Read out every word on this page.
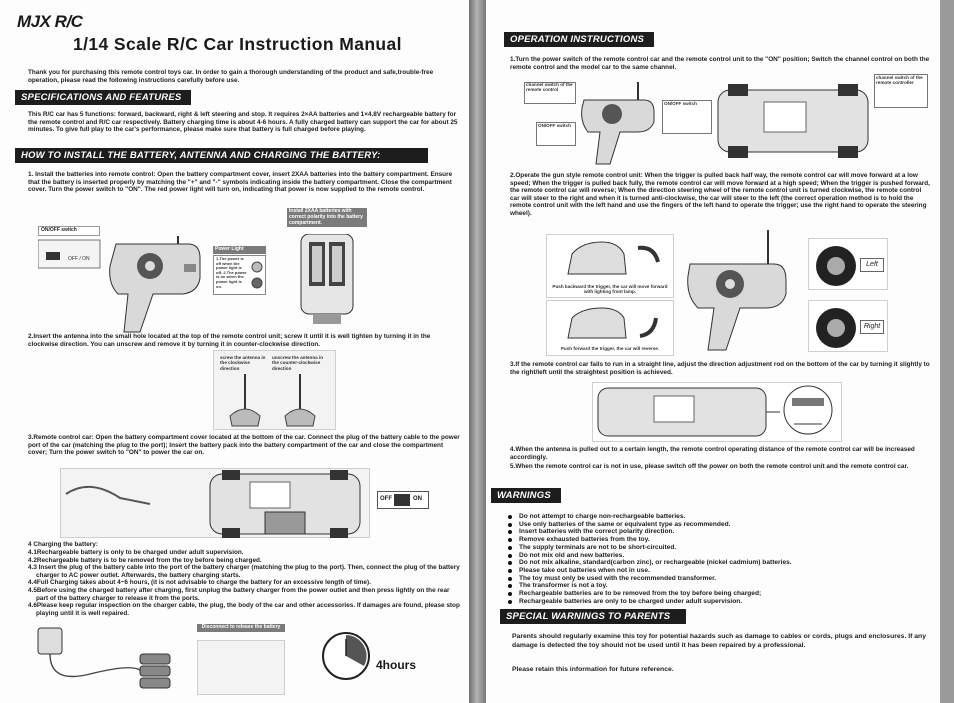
MJX R/C
1/14 Scale R/C Car Instruction Manual
Thank you for purchasing this remote control toys car. In order to gain a thorough understanding of the product and safe,trouble-free operation, please read the following instructions carefully before use.
SPECIFICATIONS AND FEATURES
This R/C car has 5 functions: forward, backward, right & left steering and stop. It requires 2×AA batteries and 1×4.8V rechargeable battery for the remote control and R/C car respectively. Battery charging time is about 4-6 hours. A fully charged battery can support the car for about 25 minutes. To give full play to the car's performance, please make sure that battery is full charged before playing.
HOW TO INSTALL THE BATTERY, ANTENNA AND CHARGING THE BATTERY:
1. Install the batteries into remote control: Open the battery compartment cover, insert 2XAA batteries into the battery compartment. Ensure that the battery is inserted properly by matching the "+" and "-" symbols indicating inside the battery compartment. Close the compartment cover. Turn the power switch to "ON". The red power light will turn on, indicating that power is now supplied to the remote control.
ON/OFF switch
OFF / ON
Power Light
1.The power is off when the power light is off. 2.The power is on when the power light is on.
Install 2XAA batteries with correct polarity into the battery compartment.
2.Insert the antenna into the small hole located at the top of the remote control unit; screw it until it is well tighten by turning it in the clockwise direction. You can unscrew and remove it by turning it in counter-clockwise direction.
screw the antenna in the clockwise direction
unscrew the antenna in the counter-clockwise direction
3.Remote control car: Open the battery compartment cover located at the bottom of the car. Connect the plug of the battery cable to the power port of the car (matching the plug to the port); Insert the battery pack into the battery compartment of the car and close the compartment cover; Turn the power switch to "ON" to power the car on.
OFF	ON
4 Charging the battery:
4.1Rechargeable battery is only to be charged under adult supervision.
4.2Rechargeable battery is to be removed from the toy before being charged.
4.3 Insert the plug of the battery cable into the port of the battery charger (matching the plug to the port). Then, connect the plug of the battery charger to AC power outlet. Afterwards, the battery charging starts.
4.4Full Charging takes about 4~6 hours, (it is not advisable to charge the battery for an excessive length of time).
4.5Before using the charged battery after charging, first unplug the battery charger from the power outlet and then press lightly on the rear part of the battery charger to release it from the ports.
4.6Please keep regular inspection on the charger cable, the plug, the body of the car and other accessories. If damages are found, please stop playing until it is well repaired.
Disconnect to release the battery
4hours
OPERATION INSTRUCTIONS
1.Turn the power switch of the remote control car and the remote control unit to the "ON" position; Switch the channel control on both the remote control and the model car to the same channel.
channel switch of the remote control
ON/OFF switch
ON/OFF switch
channel switch of the remote controller
2.Operate the gun style remote control unit: When the trigger is pulled back half way, the remote control car will move forward at a low speed; When the trigger is pulled back fully, the remote control car will move forward at a high speed; When the trigger is pushed forward, the remote control car will reverse; When the direction steering wheel of the remote control unit is turned clockwise, the remote control car will steer to the right and when it is turned anti-clockwise, the car will steer to the left (the correct operation method is to hold the remote control unit with the left hand and use the fingers of the left hand to operate the trigger; use the right hand to operate the steering wheel).
Push backward the trigger, the car will move forward with lighting front lamp.
Push forward the trigger, the car will reverse.
Left
Right
3.If the remote control car fails to run in a straight line, adjust the direction adjustment rod on the bottom of the car by turning it slightly to the right/left until the straightest position is achieved.
4.When the antenna is pulled out to a certain length, the remote control operating distance of the remote control car will be increased accordingly.
5.When the remote control car is not in use, please switch off the power on both the remote control unit and the remote control car.
WARNINGS
Do not attempt to charge non-rechargeable batteries.
Use only batteries of the same or equivalent type as recommended.
Insert batteries with the correct polarity direction.
Remove exhausted batteries from the toy.
The supply terminals are not to be short-circuited.
Do not mix old and new batteries.
Do not mix alkaline, standard(carbon zinc), or rechargeable (nickel cadmium) batteries.
Please take out batteries when not in use.
The toy must only be used with the recommended transformer.
The transformer is not a toy.
Rechargeable batteries are to be removed from the toy before being charged;
Rechargeable batteries are only to be charged under adult supervision.
SPECIAL WARNINGS TO PARENTS
Parents should regularly examine this toy for potential hazards such as damage to cables or cords, plugs and enclosures. If any damage is detected the toy should not be used until it has been repaired by a professional.
Please retain this information for future reference.
